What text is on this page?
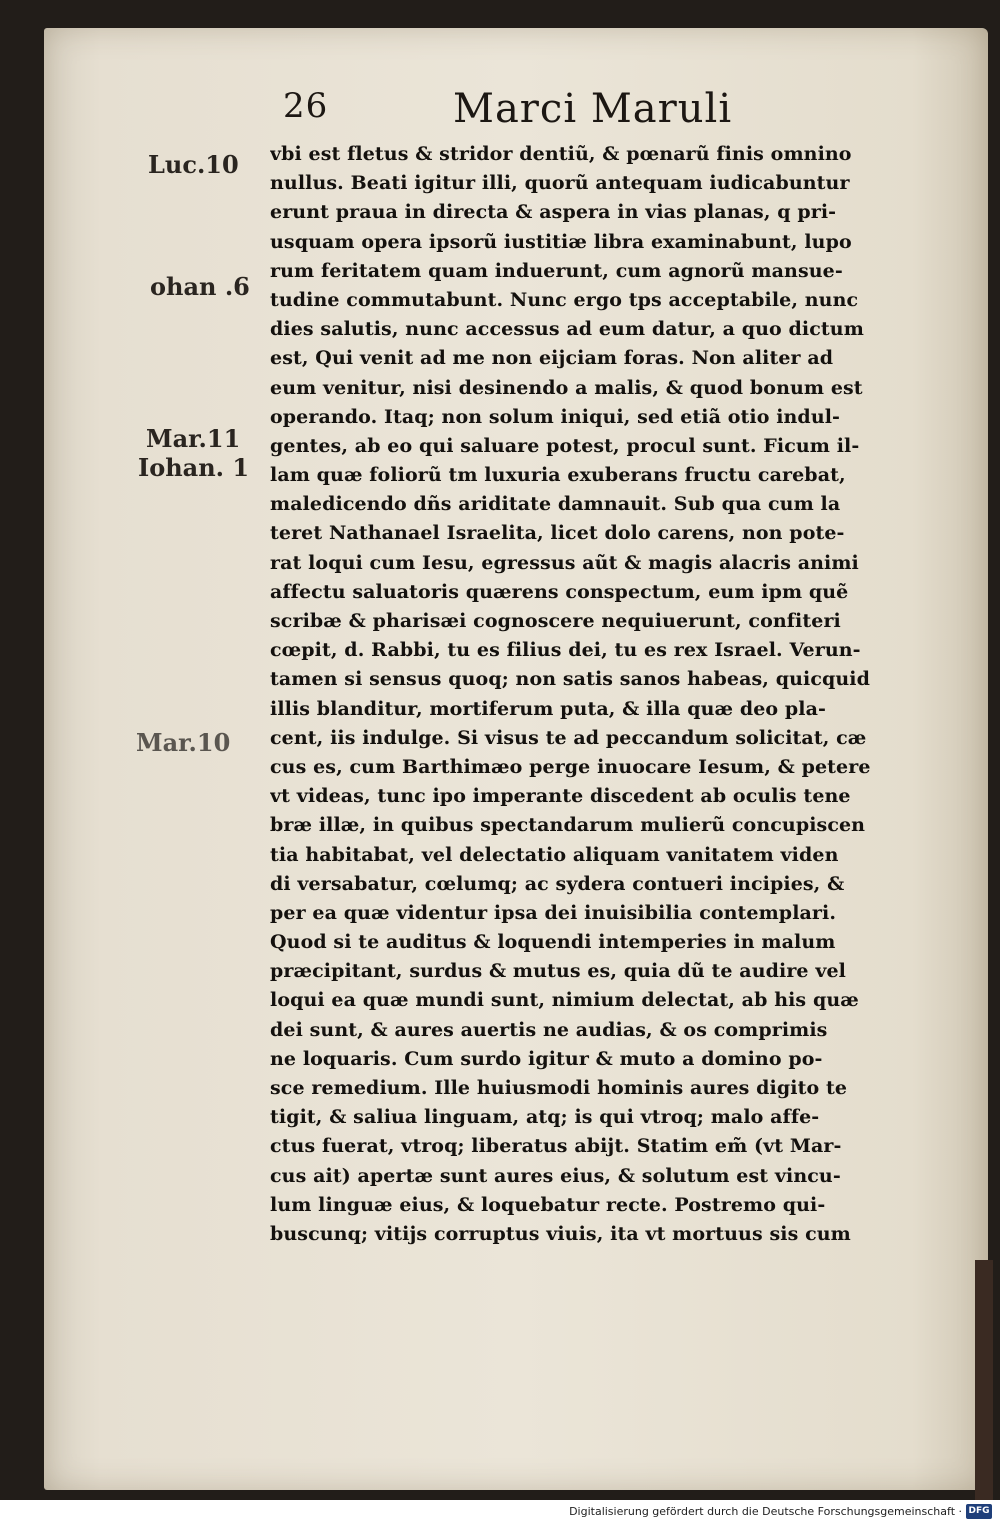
26	Marci Maruli
Luc.10
ohan .6
Mar.11
Iohan. 1
Mar.10
vbi est fletus & stridor dentiũ, & pœnarũ finis omnino
nullus. Beati igitur illi, quorũ antequam iudicabuntur
erunt praua in directa & aspera in vias planas, q pri-
usquam opera ipsorũ iustitiæ libra examinabunt, lupo
rum feritatem quam induerunt, cum agnorũ mansue-
tudine commutabunt. Nunc ergo tps acceptabile, nunc
dies salutis, nunc accessus ad eum datur, a quo dictum
est, Qui venit ad me non eijciam foras. Non aliter ad
eum venitur, nisi desinendo a malis, & quod bonum est
operando. Itaq; non solum iniqui, sed etiã otio indul-
gentes, ab eo qui saluare potest, procul sunt. Ficum il-
lam quæ foliorũ tm luxuria exuberans fructu carebat,
maledicendo dñs ariditate damnauit. Sub qua cum la
teret Nathanael Israelita, licet dolo carens, non pote-
rat loqui cum Iesu, egressus aũt & magis alacris animi
affectu saluatoris quærens conspectum, eum ipm quẽ
scribæ & pharisæi cognoscere nequiuerunt, confiteri
cœpit, d. Rabbi, tu es filius dei, tu es rex Israel. Verun-
tamen si sensus quoq; non satis sanos habeas, quicquid
illis blanditur, mortiferum puta, & illa quæ deo pla-
cent, iis indulge. Si visus te ad peccandum solicitat, cæ
cus es, cum Barthimæo perge inuocare Iesum, & petere
vt videas, tunc ipo imperante discedent ab oculis tene
bræ illæ, in quibus spectandarum mulierũ concupiscen
tia habitabat, vel delectatio aliquam vanitatem viden
di versabatur, cœlumq; ac sydera contueri incipies, &
per ea quæ videntur ipsa dei inuisibilia contemplari.
Quod si te auditus & loquendi intemperies in malum
præcipitant, surdus & mutus es, quia dũ te audire vel
loqui ea quæ mundi sunt, nimium delectat, ab his quæ
dei sunt, & aures auertis ne audias, & os comprimis
ne loquaris. Cum surdo igitur & muto a domino po-
sce remedium. Ille huiusmodi hominis aures digito te
tigit, & saliua linguam, atq; is qui vtroq; malo affe-
ctus fuerat, vtroq; liberatus abijt. Statim em̃ (vt Mar-
cus ait) apertæ sunt aures eius, & solutum est vincu-
lum linguæ eius, & loquebatur recte. Postremo qui-
buscunq; vitijs corruptus viuis, ita vt mortuus sis cum
Digitalisierung gefördert durch die Deutsche Forschungsgemeinschaft · DFG
